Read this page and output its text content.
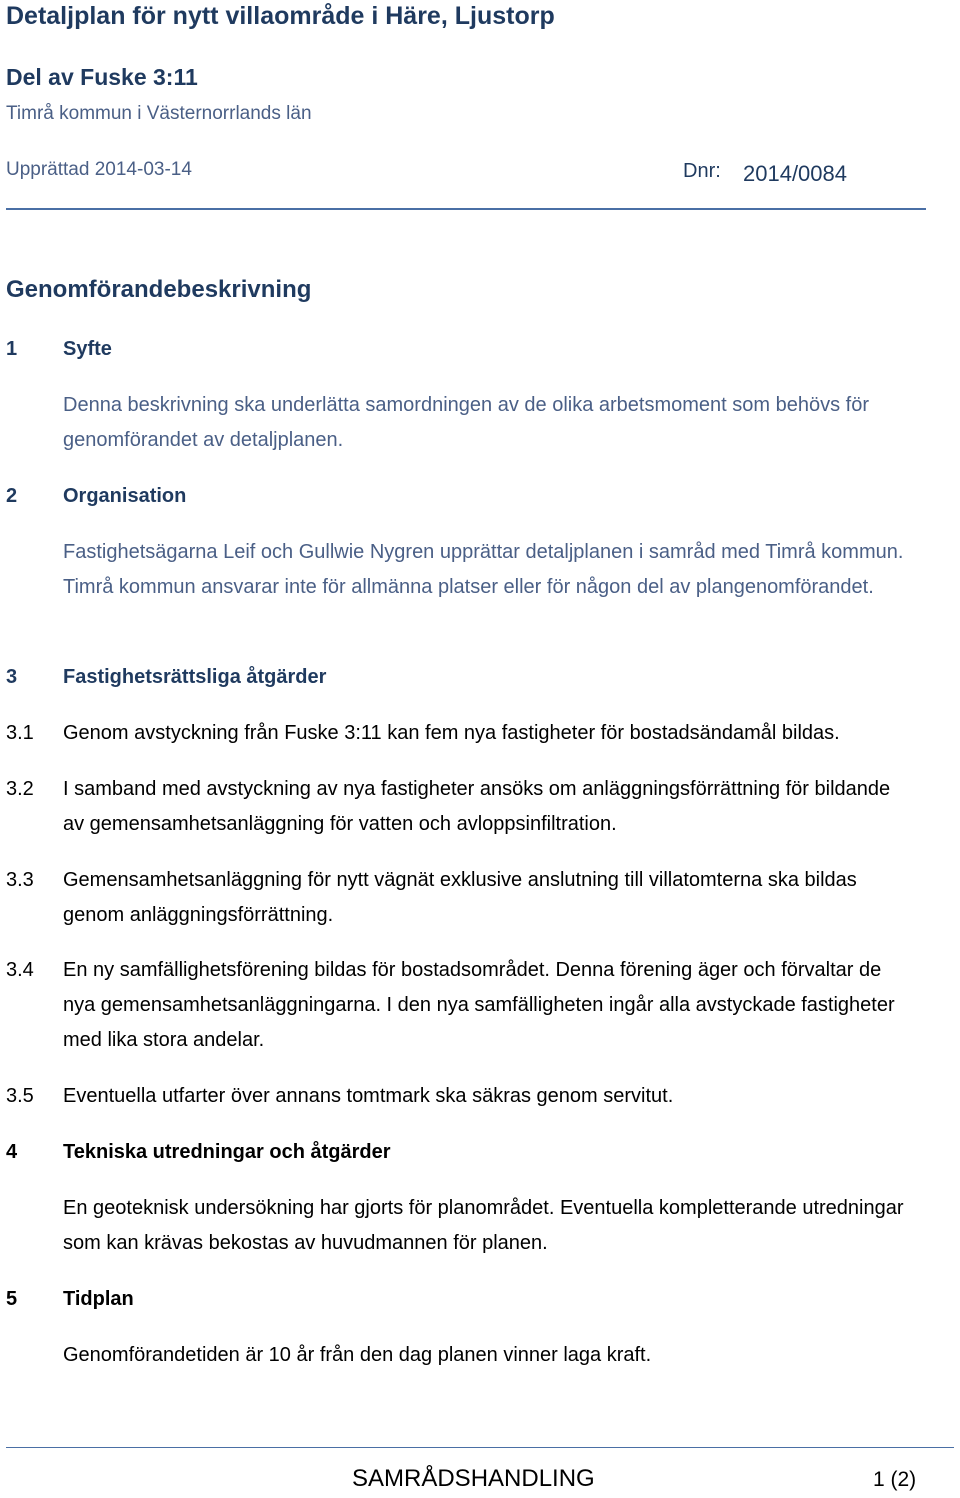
Detaljplan för nytt villaområde i Häre, Ljustorp
Del av Fuske 3:11
Timrå kommun i Västernorrlands län
Upprättad 2014-03-14	Dnr: 2014/0084
Genomförandebeskrivning
1 Syfte
Denna beskrivning ska underlätta samordningen av de olika arbetsmoment som behövs för genomförandet av detaljplanen.
2 Organisation
Fastighetsägarna Leif och Gullwie Nygren upprättar detaljplanen i samråd med Timrå kommun. Timrå kommun ansvarar inte för allmänna platser eller för någon del av plangenomförandet.
3 Fastighetsrättsliga åtgärder
3.1 Genom avstyckning från Fuske 3:11 kan fem nya fastigheter för bostadsändamål bildas.
3.2 I samband med avstyckning av nya fastigheter ansöks om anläggningsförrättning för bildande av gemensamhetsanläggning för vatten och avloppsinfiltration.
3.3 Gemensamhetsanläggning för nytt vägnät exklusive anslutning till villatomterna ska bildas genom anläggningsförrättning.
3.4 En ny samfällighetsförening bildas för bostadsområdet. Denna förening äger och förvaltar de nya gemensamhetsanläggningarna. I den nya samfälligheten ingår alla avstyckade fastigheter med lika stora andelar.
3.5 Eventuella utfarter över annans tomtmark ska säkras genom servitut.
4 Tekniska utredningar och åtgärder
En geoteknisk undersökning har gjorts för planområdet. Eventuella kompletterande utredningar som kan krävas bekostas av huvudmannen för planen.
5 Tidplan
Genomförandetiden är 10 år från den dag planen vinner laga kraft.
SAMRÅDSHANDLING	1 (2)
